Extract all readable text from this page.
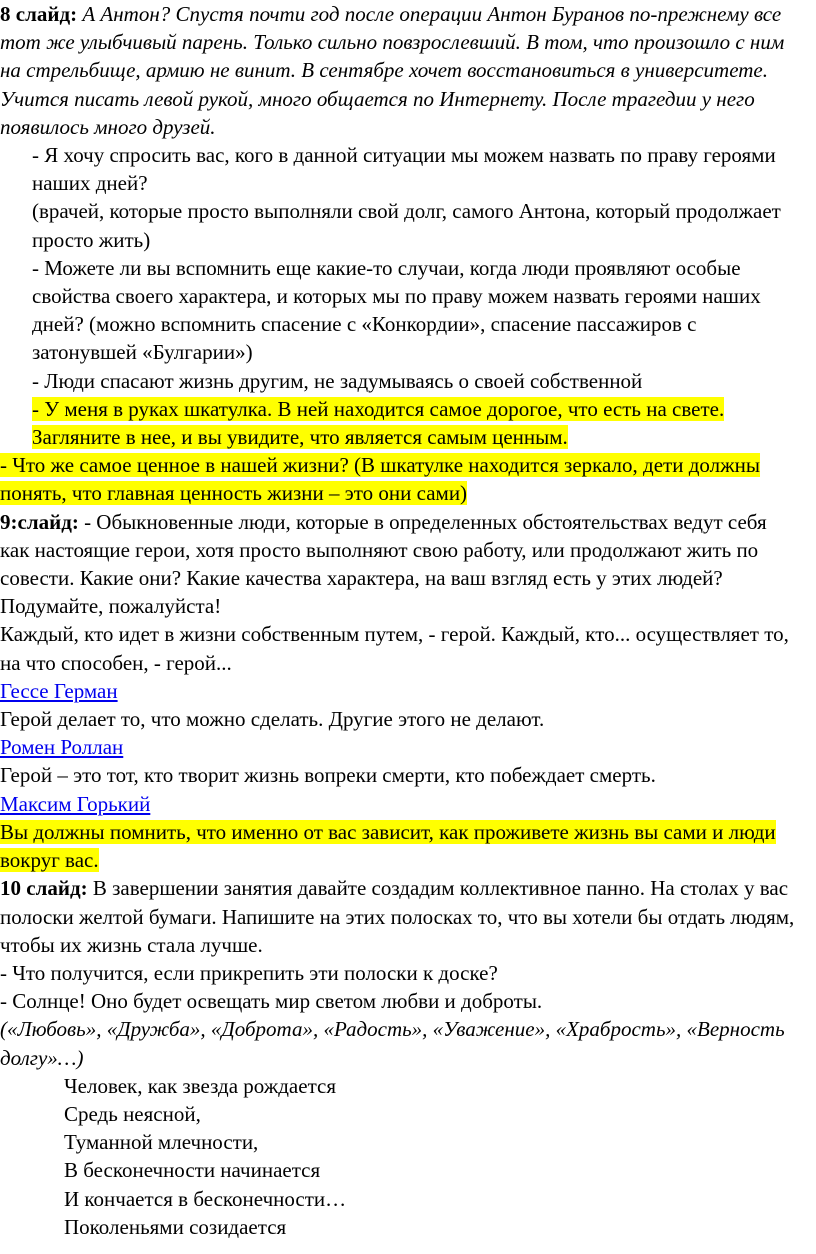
8 слайд: А Антон? Спустя почти год после операции Антон Буранов по-прежнему все тот же улыбчивый парень. Только сильно повзрослевший. В том, что произошло с ним на стрельбище, армию не винит. В сентябре хочет восстановиться в университете. Учится писать левой рукой, много общается по Интернету. После трагедии у него появилось много друзей.

- Я хочу спросить вас, кого в данной ситуации мы можем назвать по праву героями наших дней?

(врачей, которые просто выполняли свой долг, самого Антона, который продолжает просто жить)

- Можете ли вы вспомнить еще какие-то случаи, когда люди проявляют особые свойства своего характера, и которых мы по праву можем назвать героями наших дней? (можно вспомнить спасение с «Конкордии», спасение пассажиров с затонувшей «Булгарии»)

- Люди спасают жизнь другим, не задумываясь о своей собственной

- У меня в руках шкатулка. В ней находится самое дорогое, что есть на свете. Загляните в нее, и вы увидите, что является самым ценным.

- Что же самое ценное в нашей жизни? (В шкатулке находится зеркало, дети должны понять, что главная ценность жизни – это они сами)

9:слайд: - Обыкновенные люди, которые в определенных обстоятельствах ведут себя как настоящие герои, хотя просто выполняют свою работу, или продолжают жить по совести. Какие они? Какие качества характера, на ваш взгляд есть у этих людей? Подумайте, пожалуйста!

Каждый, кто идет в жизни собственным путем, - герой. Каждый, кто... осуществляет то, на что способен, - герой...

Гессе Герман

Герой делает то, что можно сделать. Другие этого не делают.

Ромен Роллан

Герой – это тот, кто творит жизнь вопреки смерти, кто побеждает смерть.

Максим Горький

Вы должны помнить, что именно от вас зависит, как проживете жизнь вы сами и люди вокруг вас.

10 слайд: В завершении занятия давайте создадим коллективное панно. На столах у вас полоски желтой бумаги. Напишите на этих полосках то, что вы хотели бы отдать людям, чтобы их жизнь стала лучше.

- Что получится, если прикрепить эти полоски к доске?

- Солнце! Оно будет освещать мир светом любви и доброты.

(«Любовь», «Дружба», «Доброта», «Радость», «Уважение», «Храбрость», «Верность долгу»…)

Человек, как звезда рождается
Средь неясной,
Туманной млечности,
В бесконечности начинается
И кончается в бесконечности…
Поколеньями созидается
